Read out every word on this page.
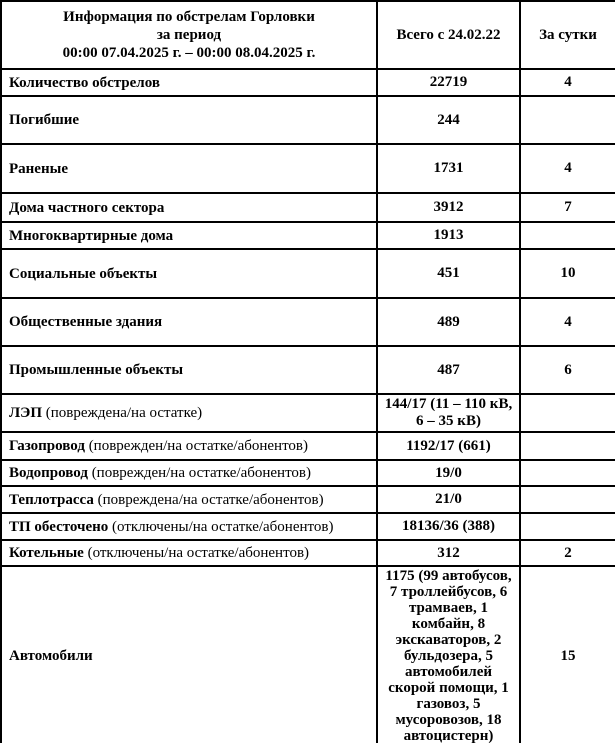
Информация по обстрелам Горловки
за период
00:00 07.04.2025 г. – 00:00 08.04.2025 г.	Всего с 24.02.22	За сутки
Количество обстрелов	22719	4
Погибшие	244	
Раненые	1731	4
Дома частного сектора	3912	7
Многоквартирные дома	1913	
Социальные объекты	451	10
Общественные здания	489	4
Промышленные объекты	487	6
ЛЭП (повреждена/на остатке)	144/17 (11 – 110 кВ, 6 – 35 кВ)	
Газопровод (поврежден/на остатке/абонентов)	1192/17 (661)	
Водопровод (поврежден/на остатке/абонентов)	19/0	
Теплотрасса (повреждена/на остатке/абонентов)	21/0	
ТП обесточено (отключены/на остатке/абонентов)	18136/36 (388)	
Котельные (отключены/на остатке/абонентов)	312	2
Автомобили	1175 (99 автобусов, 7 троллейбусов, 6 трамваев, 1 комбайн, 8 экскаваторов, 2 бульдозера, 5 автомобилей скорой помощи, 1 газовоз, 5 мусоровозов, 18 автоцистерн)	15
